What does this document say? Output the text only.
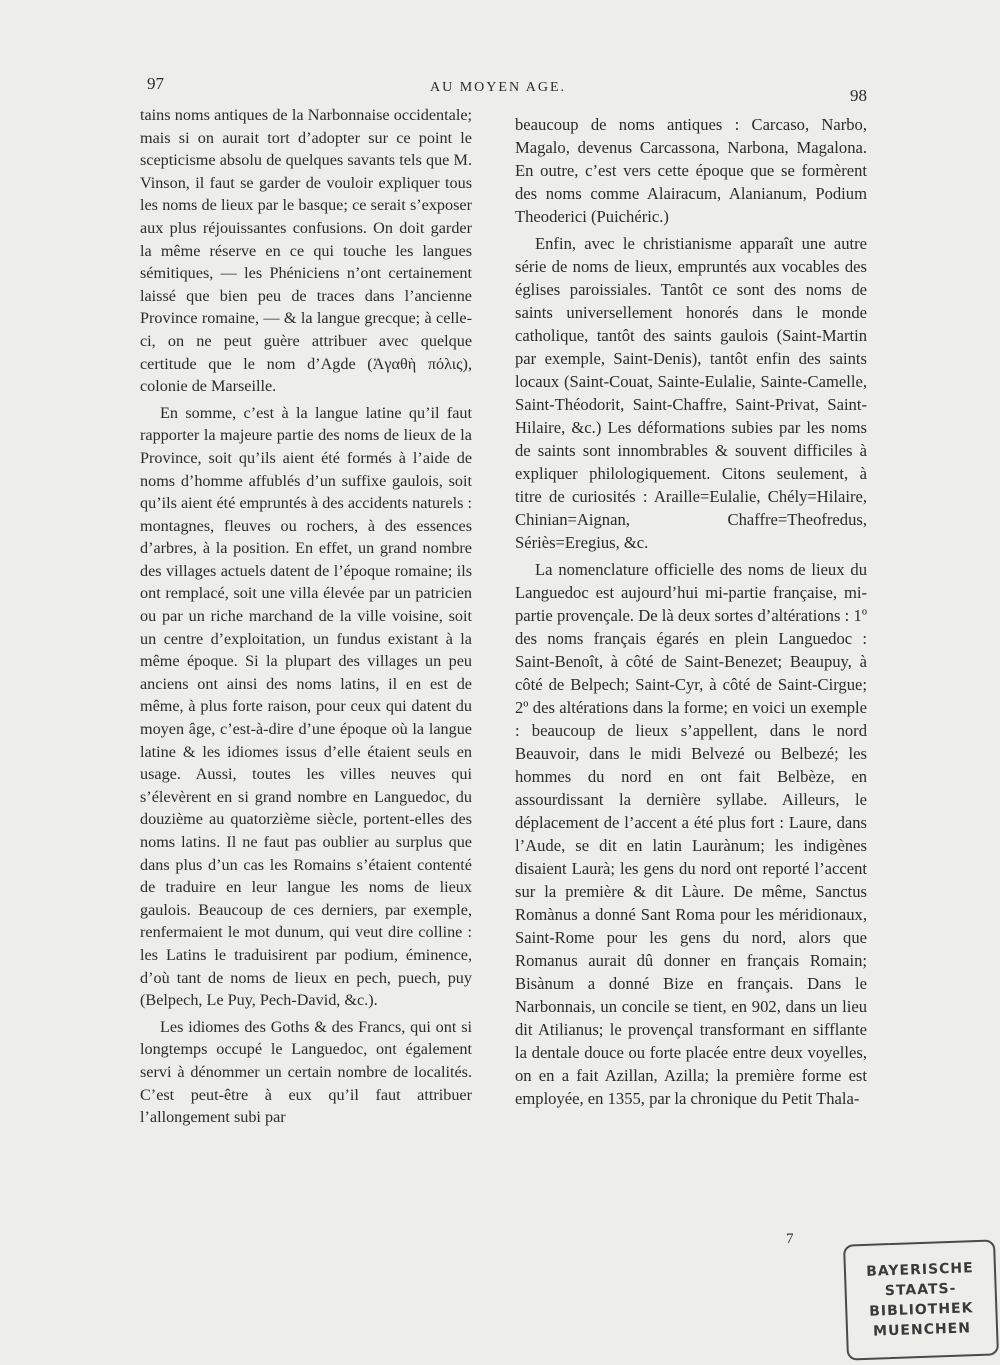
97	AU MOYEN AGE.	98

tains noms antiques de la Narbonnaise occidentale; mais si on aurait tort d’adopter sur ce point le scepticisme absolu de quelques savants tels que M. Vinson, il faut se garder de vouloir expliquer tous les noms de lieux par le basque; ce serait s’exposer aux plus réjouissantes confusions. On doit garder la même réserve en ce qui touche les langues sémitiques, — les Phéniciens n’ont certainement laissé que bien peu de traces dans l’ancienne Province romaine, — & la langue grecque; à celle-ci, on ne peut guère attribuer avec quelque certitude que le nom d’Agde (Ἀγαθὴ πόλις), colonie de Marseille.

En somme, c’est à la langue latine qu’il faut rapporter la majeure partie des noms de lieux de la Province, soit qu’ils aient été formés à l’aide de noms d’homme affublés d’un suffixe gaulois, soit qu’ils aient été empruntés à des accidents naturels : montagnes, fleuves ou rochers, à des essences d’arbres, à la position. En effet, un grand nombre des villages actuels datent de l’époque romaine; ils ont remplacé, soit une villa élevée par un patricien ou par un riche marchand de la ville voisine, soit un centre d’exploitation, un fundus existant à la même époque. Si la plupart des villages un peu anciens ont ainsi des noms latins, il en est de même, à plus forte raison, pour ceux qui datent du moyen âge, c’est-à-dire d’une époque où la langue latine & les idiomes issus d’elle étaient seuls en usage. Aussi, toutes les villes neuves qui s’élevèrent en si grand nombre en Languedoc, du douzième au quatorzième siècle, portent-elles des noms latins. Il ne faut pas oublier au surplus que dans plus d’un cas les Romains s’étaient contenté de traduire en leur langue les noms de lieux gaulois. Beaucoup de ces derniers, par exemple, renfermaient le mot dunum, qui veut dire colline : les Latins le traduisirent par podium, éminence, d’où tant de noms de lieux en pech, puech, puy (Belpech, Le Puy, Pech-David, &c.).

Les idiomes des Goths & des Francs, qui ont si longtemps occupé le Languedoc, ont également servi à dénommer un certain nombre de localités. C’est peut-être à eux qu’il faut attribuer l’allongement subi par

beaucoup de noms antiques : Carcaso, Narbo, Magalo, devenus Carcassona, Narbona, Magalona. En outre, c’est vers cette époque que se formèrent des noms comme Alairacum, Alanianum, Podium Theoderici (Puichéric.)

Enfin, avec le christianisme apparaît une autre série de noms de lieux, empruntés aux vocables des églises paroissiales. Tantôt ce sont des noms de saints universellement honorés dans le monde catholique, tantôt des saints gaulois (Saint-Martin par exemple, Saint-Denis), tantôt enfin des saints locaux (Saint-Couat, Sainte-Eulalie, Sainte-Camelle, Saint-Théodorit, Saint-Chaffre, Saint-Privat, Saint-Hilaire, &c.) Les déformations subies par les noms de saints sont innombrables & souvent difficiles à expliquer philologiquement. Citons seulement, à titre de curiosités : Araille=Eulalie, Chély=Hilaire, Chinian=Aignan, Chaffre=Theofredus, Sériès=Eregius, &c.

La nomenclature officielle des noms de lieux du Languedoc est aujourd’hui mi-partie française, mi-partie provençale. De là deux sortes d’altérations : 1º des noms français égarés en plein Languedoc : Saint-Benoît, à côté de Saint-Benezet; Beaupuy, à côté de Belpech; Saint-Cyr, à côté de Saint-Cirgue; 2º des altérations dans la forme; en voici un exemple : beaucoup de lieux s’appellent, dans le nord Beauvoir, dans le midi Belvezé ou Belbezé; les hommes du nord en ont fait Belbèze, en assourdissant la dernière syllabe. Ailleurs, le déplacement de l’accent a été plus fort : Laure, dans l’Aude, se dit en latin Laurànum; les indigènes disaient Laurà; les gens du nord ont reporté l’accent sur la première & dit Làure. De même, Sanctus Romànus a donné Sant Roma pour les méridionaux, Saint-Rome pour les gens du nord, alors que Romanus aurait dû donner en français Romain; Bisànum a donné Bize en français. Dans le Narbonnais, un concile se tient, en 902, dans un lieu dit Atilianus; le provençal transformant en sifflante la dentale douce ou forte placée entre deux voyelles, on en a fait Azillan, Azilla; la première forme est employée, en 1355, par la chronique du Petit Thala-

7
BAYERISCHE
STAATS-
BIBLIOTHEK
MUENCHEN
